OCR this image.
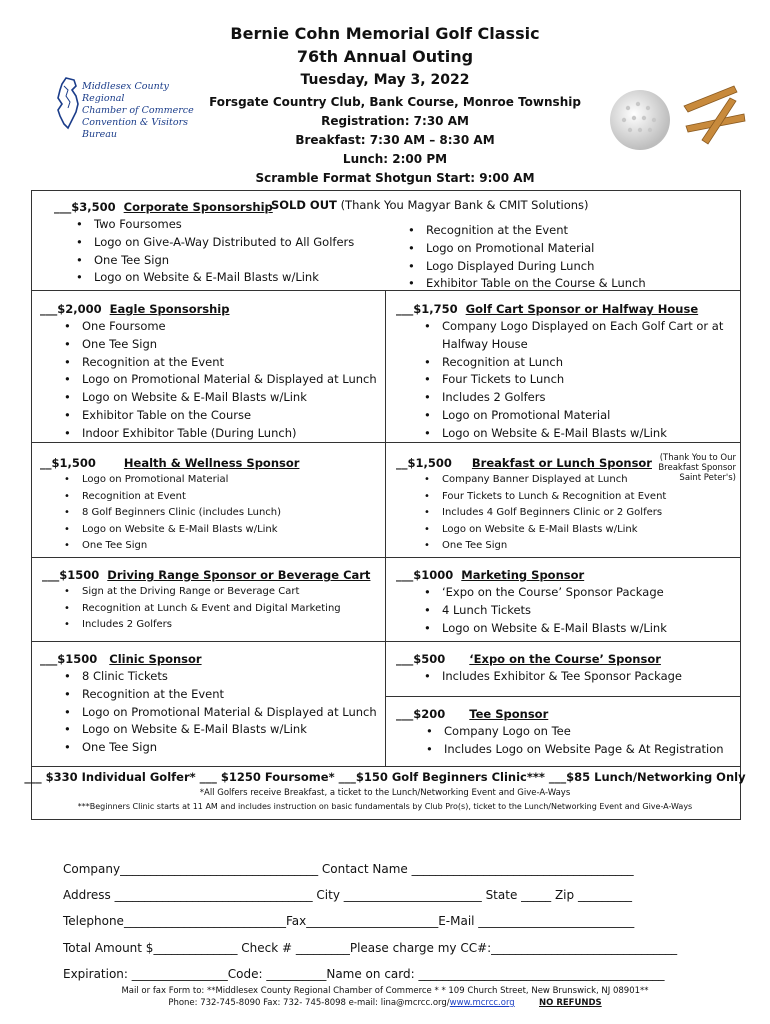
Bernie Cohn Memorial Golf Classic
76th Annual Outing
Tuesday, May 3, 2022
Forsgate Country Club, Bank Course, Monroe Township
Registration: 7:30 AM
Breakfast: 7:30 AM – 8:30 AM
Lunch: 2:00 PM
Scramble Format Shotgun Start: 9:00 AM
Middlesex County Regional
Chamber of Commerce
Convention & Visitors Bureau
___$3,500 Corporate Sponsorship
SOLD OUT (Thank You Magyar Bank & CMIT Solutions)
• Two Foursomes
• Logo on Give-A-Way Distributed to All Golfers
• One Tee Sign
• Logo on Website & E-Mail Blasts w/Link
• Recognition at the Event
• Logo on Promotional Material
• Logo Displayed During Lunch
• Exhibitor Table on the Course & Lunch
___$2,000 Eagle Sponsorship
• One Foursome
• One Tee Sign
• Recognition at the Event
• Logo on Promotional Material & Displayed at Lunch
• Logo on Website & E-Mail Blasts w/Link
• Exhibitor Table on the Course
• Indoor Exhibitor Table (During Lunch)
___$1,750 Golf Cart Sponsor or Halfway House
• Company Logo Displayed on Each Golf Cart or at
Halfway House
• Recognition at Lunch
• Four Tickets to Lunch
• Includes 2 Golfers
• Logo on Promotional Material
• Logo on Website & E-Mail Blasts w/Link
__$1,500 Health & Wellness Sponsor
• Logo on Promotional Material
• Recognition at Event
• 8 Golf Beginners Clinic (includes Lunch)
• Logo on Website & E-Mail Blasts w/Link
• One Tee Sign
__$1,500 Breakfast or Lunch Sponsor (Thank You to Our
Breakfast Sponsor
Saint Peter's)
• Company Banner Displayed at Lunch
• Four Tickets to Lunch & Recognition at Event
• Includes 4 Golf Beginners Clinic or 2 Golfers
• Logo on Website & E-Mail Blasts w/Link
• One Tee Sign
___$1500 Driving Range Sponsor or Beverage Cart
• Sign at the Driving Range or Beverage Cart
• Recognition at Lunch & Event and Digital Marketing
• Includes 2 Golfers
___$1000 Marketing Sponsor
• ‘Expo on the Course’ Sponsor Package
• 4 Lunch Tickets
• Logo on Website & E-Mail Blasts w/Link
___$1500 Clinic Sponsor
• 8 Clinic Tickets
• Recognition at the Event
• Logo on Promotional Material & Displayed at Lunch
• Logo on Website & E-Mail Blasts w/Link
• One Tee Sign
___$500 ‘Expo on the Course’ Sponsor
• Includes Exhibitor & Tee Sponsor Package
___$200 Tee Sponsor
• Company Logo on Tee
• Includes Logo on Website Page & At Registration
___ $330 Individual Golfer* ___ $1250 Foursome* ___$150 Golf Beginners Clinic*** ___$85 Lunch/Networking Only
*All Golfers receive Breakfast, a ticket to the Lunch/Networking Event and Give-A-Ways
***Beginners Clinic starts at 11 AM and includes instruction on basic fundamentals by Club Pro(s), ticket to the Lunch/Networking Event and Give-A-Ways
Company_________________________________ Contact Name _____________________________________
Address _________________________________ City _______________________ State _____ Zip _________
Telephone___________________________Fax______________________E-Mail __________________________
Total Amount $______________ Check # _________Please charge my CC#:_______________________________
Expiration: ________________Code: __________Name on card: _________________________________________
Mail or fax Form to: **Middlesex County Regional Chamber of Commerce * * 109 Church Street, New Brunswick, NJ 08901**
Phone: 732-745-8090 Fax: 732- 745-8098 e-mail: lina@mcrcc.org/www.mcrcc.org	NO REFUNDS
